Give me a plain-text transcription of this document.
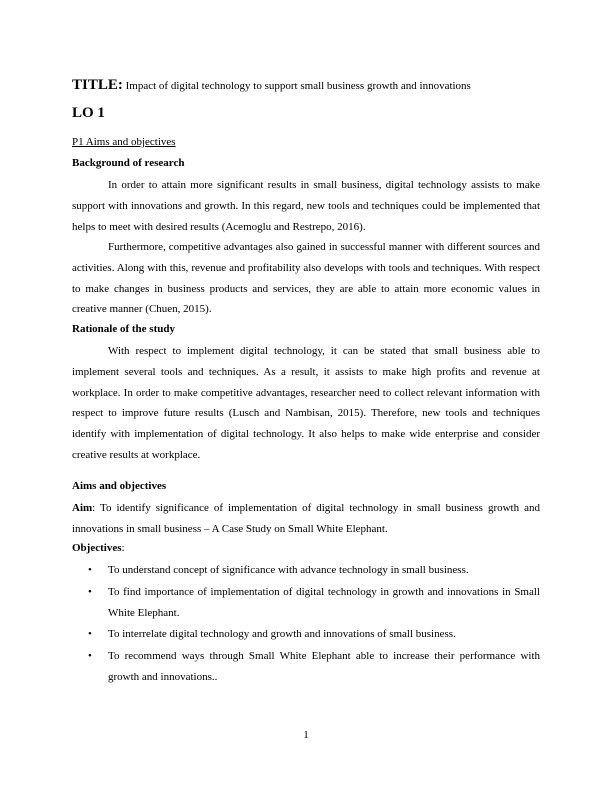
TITLE: Impact of digital technology to support small business growth and innovations
LO 1
P1 Aims and objectives
Background of research

In order to attain more significant results in small business, digital technology assists to make support with innovations and growth. In this regard, new tools and techniques could be implemented that helps to meet with desired results (Acemoglu and Restrepo, 2016).

Furthermore, competitive advantages also gained in successful manner with different sources and activities. Along with this, revenue and profitability also develops with tools and techniques. With respect to make changes in business products and services, they are able to attain more economic values in creative manner (Chuen, 2015).

Rationale of the study

With respect to implement digital technology, it can be stated that small business able to implement several tools and techniques. As a result, it assists to make high profits and revenue at workplace. In order to make competitive advantages, researcher need to collect relevant information with respect to improve future results (Lusch and Nambisan, 2015). Therefore, new tools and techniques identify with implementation of digital technology. It also helps to make wide enterprise and consider creative results at workplace.

Aims and objectives

Aim: To identify significance of implementation of digital technology in small business growth and innovations in small business – A Case Study on Small White Elephant.

Objectives:
• To understand concept of significance with advance technology in small business.
• To find importance of implementation of digital technology in growth and innovations in Small White Elephant.
• To interrelate digital technology and growth and innovations of small business.
• To recommend ways through Small White Elephant able to increase their performance with growth and innovations..
1
